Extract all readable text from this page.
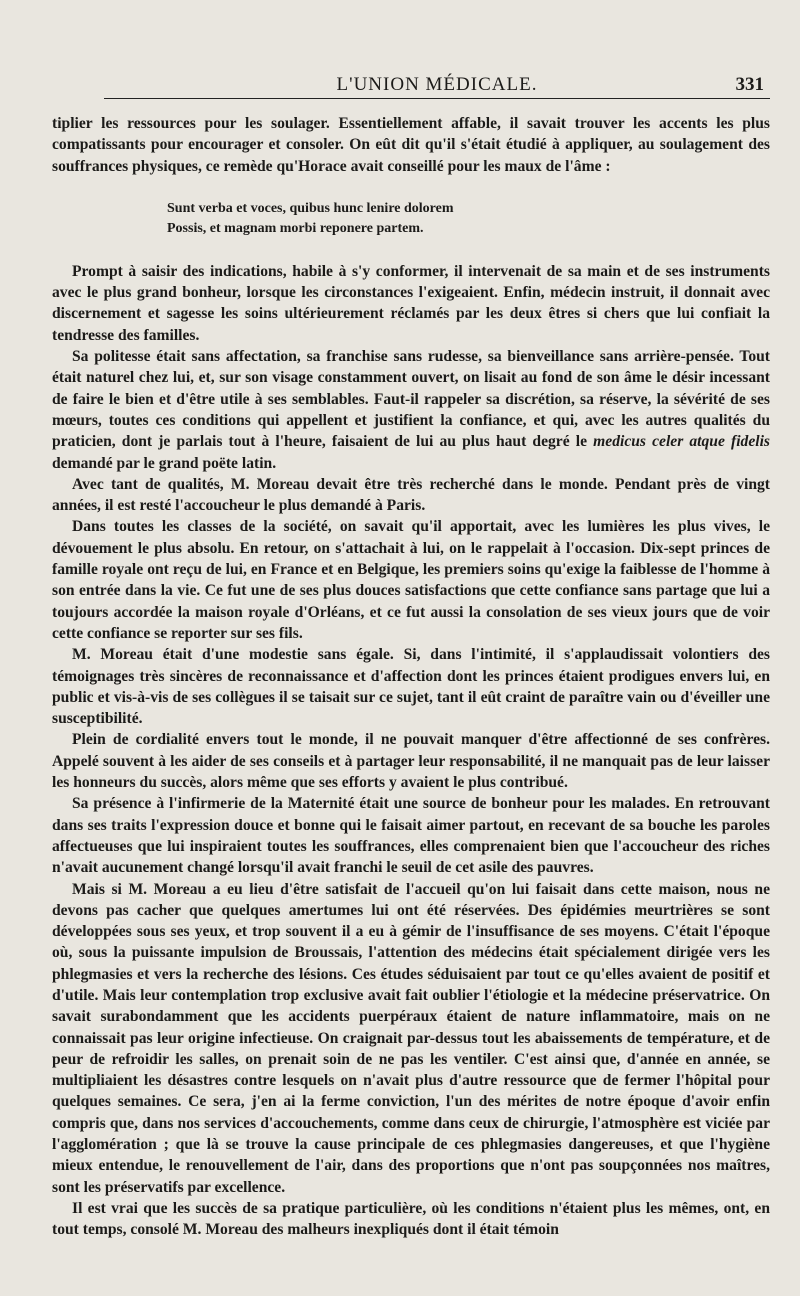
L'UNION MÉDICALE.	331

tiplier les ressources pour les soulager. Essentiellement affable, il savait trouver les accents les plus compatissants pour encourager et consoler. On eût dit qu'il s'était étudié à appliquer, au soulagement des souffrances physiques, ce remède qu'Horace avait conseillé pour les maux de l'âme :

Sunt verba et voces, quibus hunc lenire dolorem
Possis, et magnam morbi reponere partem.

Prompt à saisir des indications, habile à s'y conformer, il intervenait de sa main et de ses instruments avec le plus grand bonheur, lorsque les circonstances l'exigeaient. Enfin, médecin instruit, il donnait avec discernement et sagesse les soins ultérieurement réclamés par les deux êtres si chers que lui confiait la tendresse des familles.

Sa politesse était sans affectation, sa franchise sans rudesse, sa bienveillance sans arrière-pensée. Tout était naturel chez lui, et, sur son visage constamment ouvert, on lisait au fond de son âme le désir incessant de faire le bien et d'être utile à ses semblables. Faut-il rappeler sa discrétion, sa réserve, la sévérité de ses mœurs, toutes ces conditions qui appellent et justifient la confiance, et qui, avec les autres qualités du praticien, dont je parlais tout à l'heure, faisaient de lui au plus haut degré le medicus celer atque fidelis demandé par le grand poëte latin.

Avec tant de qualités, M. Moreau devait être très recherché dans le monde. Pendant près de vingt années, il est resté l'accoucheur le plus demandé à Paris.

Dans toutes les classes de la société, on savait qu'il apportait, avec les lumières les plus vives, le dévouement le plus absolu. En retour, on s'attachait à lui, on le rappelait à l'occasion. Dix-sept princes de famille royale ont reçu de lui, en France et en Belgique, les premiers soins qu'exige la faiblesse de l'homme à son entrée dans la vie. Ce fut une de ses plus douces satisfactions que cette confiance sans partage que lui a toujours accordée la maison royale d'Orléans, et ce fut aussi la consolation de ses vieux jours que de voir cette confiance se reporter sur ses fils.

M. Moreau était d'une modestie sans égale. Si, dans l'intimité, il s'applaudissait volontiers des témoignages très sincères de reconnaissance et d'affection dont les princes étaient prodigues envers lui, en public et vis-à-vis de ses collègues il se taisait sur ce sujet, tant il eût craint de paraître vain ou d'éveiller une susceptibilité.

Plein de cordialité envers tout le monde, il ne pouvait manquer d'être affectionné de ses confrères. Appelé souvent à les aider de ses conseils et à partager leur responsabilité, il ne manquait pas de leur laisser les honneurs du succès, alors même que ses efforts y avaient le plus contribué.

Sa présence à l'infirmerie de la Maternité était une source de bonheur pour les malades. En retrouvant dans ses traits l'expression douce et bonne qui le faisait aimer partout, en recevant de sa bouche les paroles affectueuses que lui inspiraient toutes les souffrances, elles comprenaient bien que l'accoucheur des riches n'avait aucunement changé lorsqu'il avait franchi le seuil de cet asile des pauvres.

Mais si M. Moreau a eu lieu d'être satisfait de l'accueil qu'on lui faisait dans cette maison, nous ne devons pas cacher que quelques amertumes lui ont été réservées. Des épidémies meurtrières se sont développées sous ses yeux, et trop souvent il a eu à gémir de l'insuffisance de ses moyens. C'était l'époque où, sous la puissante impulsion de Broussais, l'attention des médecins était spécialement dirigée vers les phlegmasies et vers la recherche des lésions. Ces études séduisaient par tout ce qu'elles avaient de positif et d'utile. Mais leur contemplation trop exclusive avait fait oublier l'étiologie et la médecine préservatrice. On savait surabondamment que les accidents puerpéraux étaient de nature inflammatoire, mais on ne connaissait pas leur origine infectieuse. On craignait par-dessus tout les abaissements de température, et de peur de refroidir les salles, on prenait soin de ne pas les ventiler. C'est ainsi que, d'année en année, se multipliaient les désastres contre lesquels on n'avait plus d'autre ressource que de fermer l'hôpital pour quelques semaines. Ce sera, j'en ai la ferme conviction, l'un des mérites de notre époque d'avoir enfin compris que, dans nos services d'accouchements, comme dans ceux de chirurgie, l'atmosphère est viciée par l'agglomération ; que là se trouve la cause principale de ces phlegmasies dangereuses, et que l'hygiène mieux entendue, le renouvellement de l'air, dans des proportions que n'ont pas soupçonnées nos maîtres, sont les préservatifs par excellence.

Il est vrai que les succès de sa pratique particulière, où les conditions n'étaient plus les mêmes, ont, en tout temps, consolé M. Moreau des malheurs inexpliqués dont il était témoin
